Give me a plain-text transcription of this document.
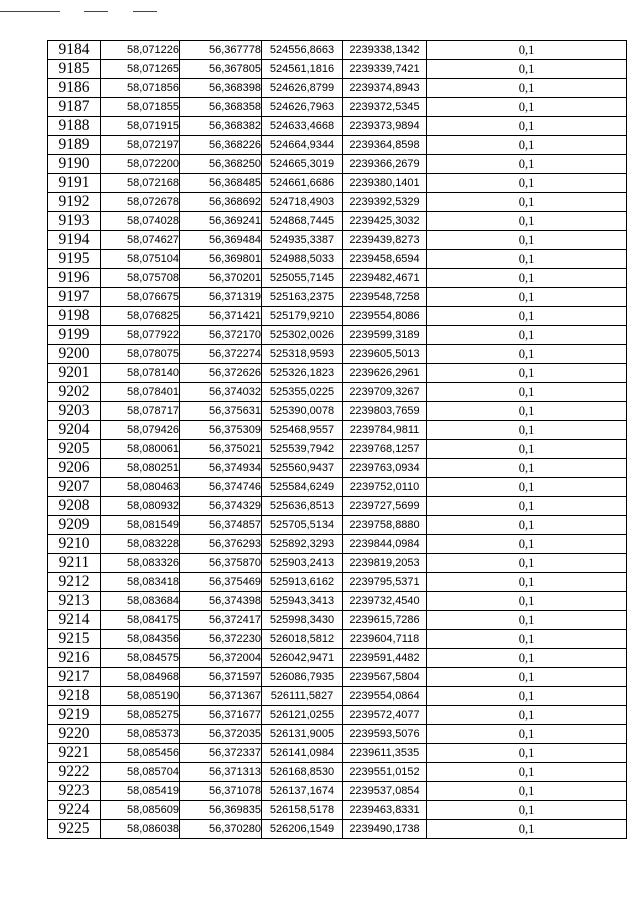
9184	58,071226	56,367778	524556,8663	2239338,1342	0,1
9185	58,071265	56,367805	524561,1816	2239339,7421	0,1
9186	58,071856	56,368398	524626,8799	2239374,8943	0,1
9187	58,071855	56,368358	524626,7963	2239372,5345	0,1
9188	58,071915	56,368382	524633,4668	2239373,9894	0,1
9189	58,072197	56,368226	524664,9344	2239364,8598	0,1
9190	58,072200	56,368250	524665,3019	2239366,2679	0,1
9191	58,072168	56,368485	524661,6686	2239380,1401	0,1
9192	58,072678	56,368692	524718,4903	2239392,5329	0,1
9193	58,074028	56,369241	524868,7445	2239425,3032	0,1
9194	58,074627	56,369484	524935,3387	2239439,8273	0,1
9195	58,075104	56,369801	524988,5033	2239458,6594	0,1
9196	58,075708	56,370201	525055,7145	2239482,4671	0,1
9197	58,076675	56,371319	525163,2375	2239548,7258	0,1
9198	58,076825	56,371421	525179,9210	2239554,8086	0,1
9199	58,077922	56,372170	525302,0026	2239599,3189	0,1
9200	58,078075	56,372274	525318,9593	2239605,5013	0,1
9201	58,078140	56,372626	525326,1823	2239626,2961	0,1
9202	58,078401	56,374032	525355,0225	2239709,3267	0,1
9203	58,078717	56,375631	525390,0078	2239803,7659	0,1
9204	58,079426	56,375309	525468,9557	2239784,9811	0,1
9205	58,080061	56,375021	525539,7942	2239768,1257	0,1
9206	58,080251	56,374934	525560,9437	2239763,0934	0,1
9207	58,080463	56,374746	525584,6249	2239752,0110	0,1
9208	58,080932	56,374329	525636,8513	2239727,5699	0,1
9209	58,081549	56,374857	525705,5134	2239758,8880	0,1
9210	58,083228	56,376293	525892,3293	2239844,0984	0,1
9211	58,083326	56,375870	525903,2413	2239819,2053	0,1
9212	58,083418	56,375469	525913,6162	2239795,5371	0,1
9213	58,083684	56,374398	525943,3413	2239732,4540	0,1
9214	58,084175	56,372417	525998,3430	2239615,7286	0,1
9215	58,084356	56,372230	526018,5812	2239604,7118	0,1
9216	58,084575	56,372004	526042,9471	2239591,4482	0,1
9217	58,084968	56,371597	526086,7935	2239567,5804	0,1
9218	58,085190	56,371367	526111,5827	2239554,0864	0,1
9219	58,085275	56,371677	526121,0255	2239572,4077	0,1
9220	58,085373	56,372035	526131,9005	2239593,5076	0,1
9221	58,085456	56,372337	526141,0984	2239611,3535	0,1
9222	58,085704	56,371313	526168,8530	2239551,0152	0,1
9223	58,085419	56,371078	526137,1674	2239537,0854	0,1
9224	58,085609	56,369835	526158,5178	2239463,8331	0,1
9225	58,086038	56,370280	526206,1549	2239490,1738	0,1
